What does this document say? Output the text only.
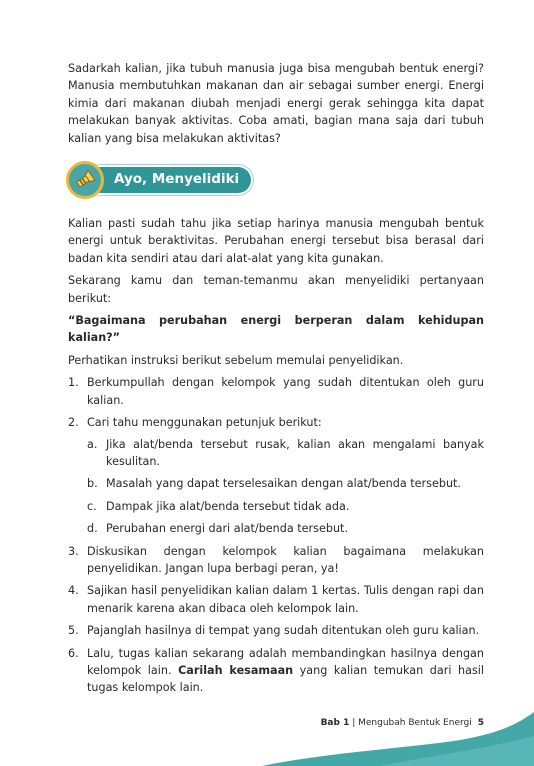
Sadarkah kalian, jika tubuh manusia juga bisa mengubah bentuk energi? Manusia membutuhkan makanan dan air sebagai sumber energi. Energi kimia dari makanan diubah menjadi energi gerak sehingga kita dapat melakukan banyak aktivitas. Coba amati, bagian mana saja dari tubuh kalian yang bisa melakukan aktivitas?

Ayo, Menyelidiki

Kalian pasti sudah tahu jika setiap harinya manusia mengubah bentuk energi untuk beraktivitas. Perubahan energi tersebut bisa berasal dari badan kita sendiri atau dari alat-alat yang kita gunakan.

Sekarang kamu dan teman-temanmu akan menyelidiki pertanyaan berikut:

“Bagaimana perubahan energi berperan dalam kehidupan kalian?”

Perhatikan instruksi berikut sebelum memulai penyelidikan.

1. Berkumpullah dengan kelompok yang sudah ditentukan oleh guru kalian.
2. Cari tahu menggunakan petunjuk berikut:
a. Jika alat/benda tersebut rusak, kalian akan mengalami banyak kesulitan.
b. Masalah yang dapat terselesaikan dengan alat/benda tersebut.
c. Dampak jika alat/benda tersebut tidak ada.
d. Perubahan energi dari alat/benda tersebut.
3. Diskusikan dengan kelompok kalian bagaimana melakukan penyelidikan. Jangan lupa berbagi peran, ya!
4. Sajikan hasil penyelidikan kalian dalam 1 kertas. Tulis dengan rapi dan menarik karena akan dibaca oleh kelompok lain.
5. Pajanglah hasilnya di tempat yang sudah ditentukan oleh guru kalian.
6. Lalu, tugas kalian sekarang adalah membandingkan hasilnya dengan kelompok lain. Carilah kesamaan yang kalian temukan dari hasil tugas kelompok lain.
Bab 1 | Mengubah Bentuk Energi 5
